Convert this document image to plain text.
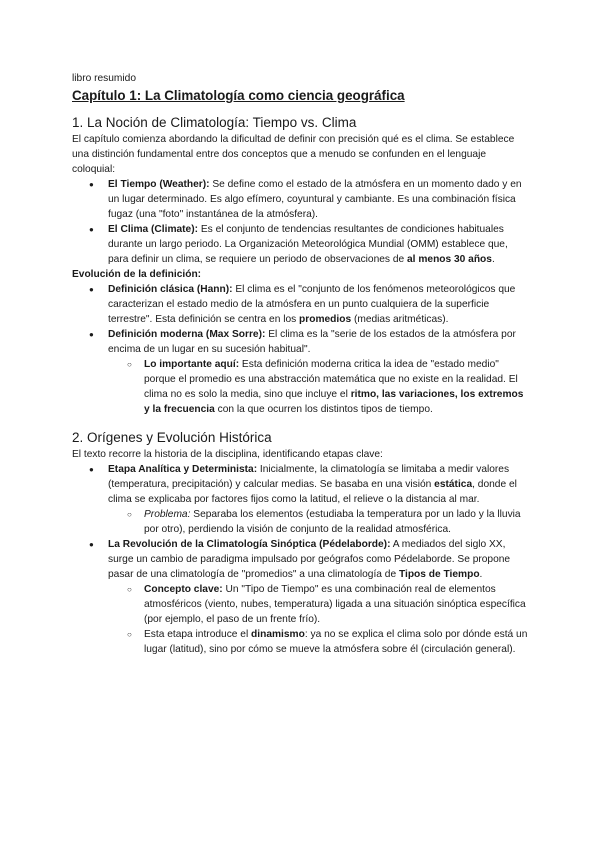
libro resumido

Capítulo 1: La Climatología como ciencia geográfica
1. La Noción de Climatología: Tiempo vs. Clima

El capítulo comienza abordando la dificultad de definir con precisión qué es el clima. Se establece una distinción fundamental entre dos conceptos que a menudo se confunden en el lenguaje coloquial:

● El Tiempo (Weather): Se define como el estado de la atmósfera en un momento dado y en un lugar determinado. Es algo efímero, coyuntural y cambiante. Es una combinación física fugaz (una "foto" instantánea de la atmósfera).
● El Clima (Climate): Es el conjunto de tendencias resultantes de condiciones habituales durante un largo periodo. La Organización Meteorológica Mundial (OMM) establece que, para definir un clima, se requiere un periodo de observaciones de al menos 30 años.
Evolución de la definición:
● Definición clásica (Hann): El clima es el "conjunto de los fenómenos meteorológicos que caracterizan el estado medio de la atmósfera en un punto cualquiera de la superficie terrestre". Esta definición se centra en los promedios (medias aritméticas).
● Definición moderna (Max Sorre): El clima es la "serie de los estados de la atmósfera por encima de un lugar en su sucesión habitual".
○ Lo importante aquí: Esta definición moderna critica la idea de "estado medio" porque el promedio es una abstracción matemática que no existe en la realidad. El clima no es solo la media, sino que incluye el ritmo, las variaciones, los extremos y la frecuencia con la que ocurren los distintos tipos de tiempo.
2. Orígenes y Evolución Histórica

El texto recorre la historia de la disciplina, identificando etapas clave:

● Etapa Analítica y Determinista: Inicialmente, la climatología se limitaba a medir valores (temperatura, precipitación) y calcular medias. Se basaba en una visión estática, donde el clima se explicaba por factores fijos como la latitud, el relieve o la distancia al mar.
○ Problema: Separaba los elementos (estudiaba la temperatura por un lado y la lluvia por otro), perdiendo la visión de conjunto de la realidad atmosférica.
● La Revolución de la Climatología Sinóptica (Pédelaborde): A mediados del siglo XX, surge un cambio de paradigma impulsado por geógrafos como Pédelaborde. Se propone pasar de una climatología de "promedios" a una climatología de Tipos de Tiempo.
○ Concepto clave: Un "Tipo de Tiempo" es una combinación real de elementos atmosféricos (viento, nubes, temperatura) ligada a una situación sinóptica específica (por ejemplo, el paso de un frente frío).
○ Esta etapa introduce el dinamismo: ya no se explica el clima solo por dónde está un lugar (latitud), sino por cómo se mueve la atmósfera sobre él (circulación general).
